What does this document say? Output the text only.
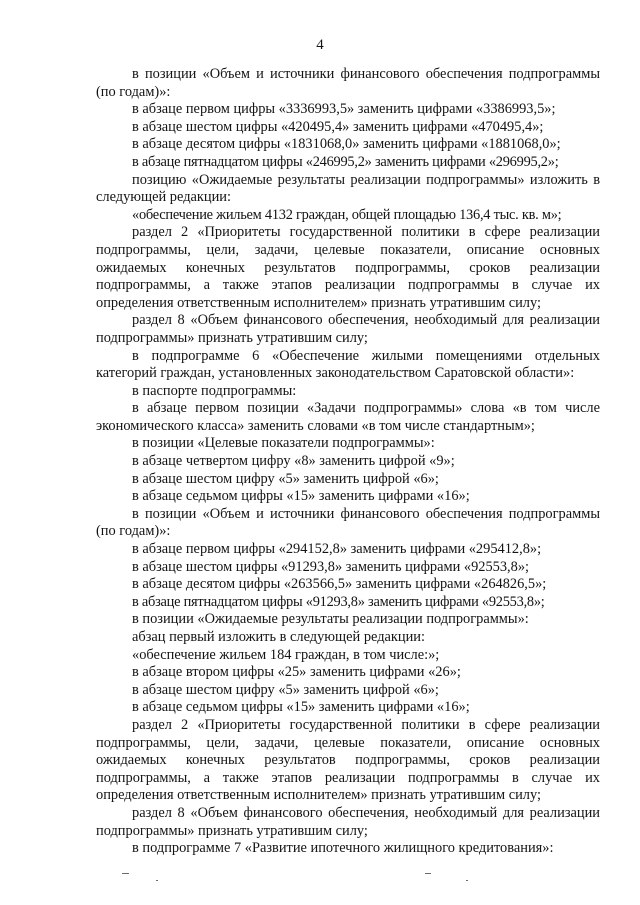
4

в позиции «Объем и источники финансового обеспечения подпрограммы (по годам)»:

в абзаце первом цифры «3336993,5» заменить цифрами «3386993,5»;

в абзаце шестом цифры «420495,4» заменить цифрами «470495,4»;

в абзаце десятом цифры «1831068,0» заменить цифрами «1881068,0»;

в абзаце пятнадцатом цифры «246995,2» заменить цифрами «296995,2»;

позицию «Ожидаемые результаты реализации подпрограммы» изложить в следующей редакции:

«обеспечение жильем 4132 граждан, общей площадью 136,4 тыс. кв. м»;

раздел 2 «Приоритеты государственной политики в сфере реализации подпрограммы, цели, задачи, целевые показатели, описание основных ожидаемых конечных результатов подпрограммы, сроков реализации подпрограммы, а также этапов реализации подпрограммы в случае их определения ответственным исполнителем» признать утратившим силу;

раздел 8 «Объем финансового обеспечения, необходимый для реализации подпрограммы» признать утратившим силу;

в подпрограмме 6 «Обеспечение жилыми помещениями отдельных категорий граждан, установленных законодательством Саратовской области»:

в паспорте подпрограммы:

в абзаце первом позиции «Задачи подпрограммы» слова «в том числе экономического класса» заменить словами «в том числе стандартным»;

в позиции «Целевые показатели подпрограммы»:

в абзаце четвертом цифру «8» заменить цифрой «9»;

в абзаце шестом цифру «5» заменить цифрой «6»;

в абзаце седьмом цифры «15» заменить цифрами «16»;

в позиции «Объем и источники финансового обеспечения подпрограммы (по годам)»:

в абзаце первом цифры «294152,8» заменить цифрами «295412,8»;

в абзаце шестом цифры «91293,8» заменить цифрами «92553,8»;

в абзаце десятом цифры «263566,5» заменить цифрами «264826,5»;

в абзаце пятнадцатом цифры «91293,8» заменить цифрами «92553,8»;

в позиции «Ожидаемые результаты реализации подпрограммы»:

абзац первый изложить в следующей редакции:

«обеспечение жильем 184 граждан, в том числе:»;

в абзаце втором цифры «25» заменить цифрами «26»;

в абзаце шестом цифру «5» заменить цифрой «6»;

в абзаце седьмом цифры «15» заменить цифрами «16»;

раздел 2 «Приоритеты государственной политики в сфере реализации подпрограммы, цели, задачи, целевые показатели, описание основных ожидаемых конечных результатов подпрограммы, сроков реализации подпрограммы, а также этапов реализации подпрограммы в случае их определения ответственным исполнителем» признать утратившим силу;

раздел 8 «Объем финансового обеспечения, необходимый для реализации подпрограммы» признать утратившим силу;

в подпрограмме 7 «Развитие ипотечного жилищного кредитования»:
